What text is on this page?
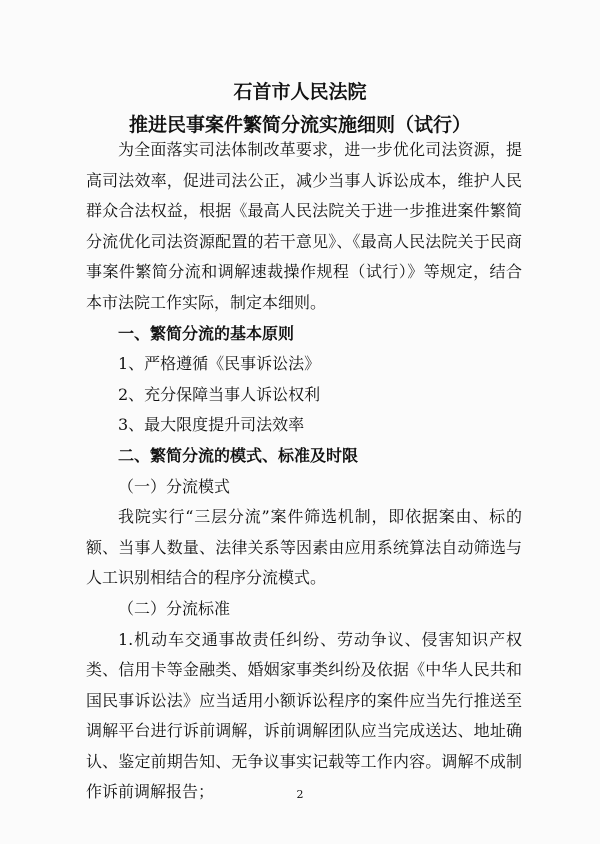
石首市人民法院
推进民事案件繁简分流实施细则（试行）

为全面落实司法体制改革要求，进一步优化司法资源，提高司法效率，促进司法公正，减少当事人诉讼成本，维护人民群众合法权益，根据《最高人民法院关于进一步推进案件繁简分流优化司法资源配置的若干意见》、《最高人民法院关于民商事案件繁简分流和调解速裁操作规程（试行）》等规定，结合本市法院工作实际，制定本细则。

一、繁简分流的基本原则

1、严格遵循《民事诉讼法》

2、充分保障当事人诉讼权利

3、最大限度提升司法效率

二、繁简分流的模式、标准及时限

（一）分流模式

我院实行“三层分流”案件筛选机制，即依据案由、标的额、当事人数量、法律关系等因素由应用系统算法自动筛选与人工识别相结合的程序分流模式。

（二）分流标准

1.机动车交通事故责任纠纷、劳动争议、侵害知识产权类、信用卡等金融类、婚姻家事类纠纷及依据《中华人民共和国民事诉讼法》应当适用小额诉讼程序的案件应当先行推送至调解平台进行诉前调解，诉前调解团队应当完成送达、地址确认、鉴定前期告知、无争议事实记载等工作内容。调解不成制作诉前调解报告；	2
